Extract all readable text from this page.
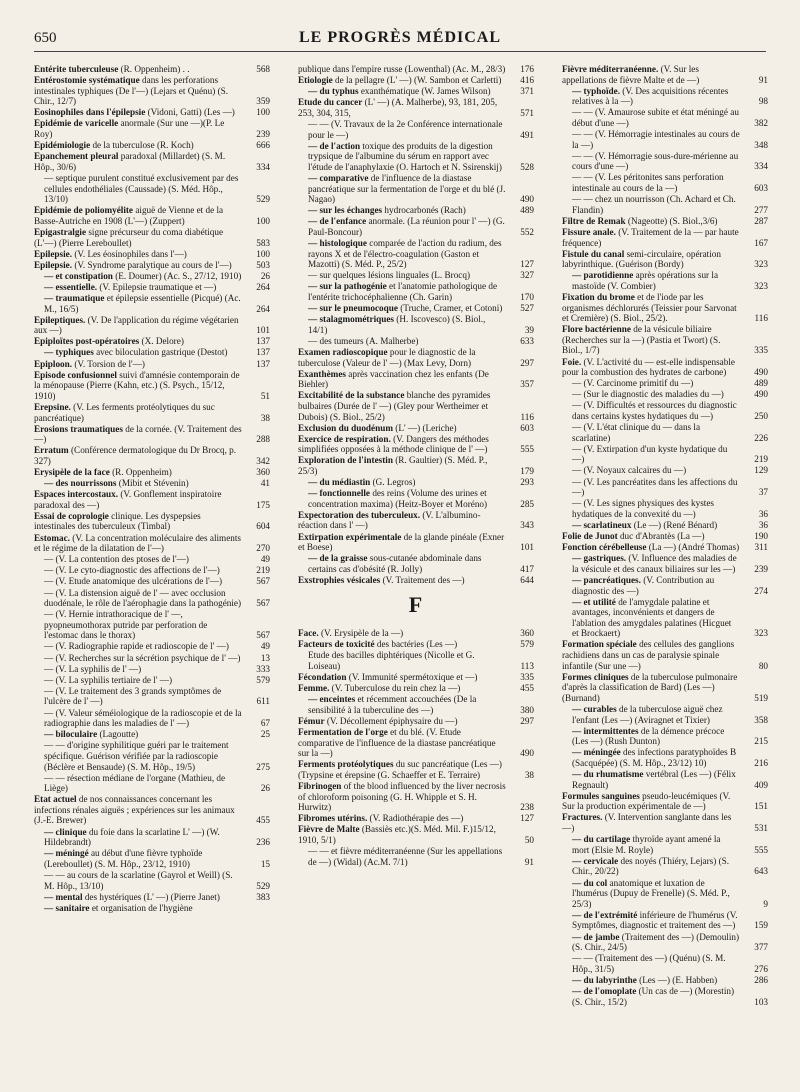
650	LE PROGRÈS MÉDICAL
Entérite tuberculeuse (R. Oppenheim) . .	568
Entérostomie systématique dans les perforations intestinales typhiques (De l'—) (Lejars et Quénu) (S. Chir., 12/7)	359
Eosinophiles dans l'épilepsie (Vidoni, Gatti) (Les —) 100
Epidémie de varicelle anormale (Sur une —)(P. Le Roy)	239
Epidémiologie de la tuberculose (R. Koch)	666
Epanchement pleural paradoxal (Millardet) (S. M. Hôp., 30/6)	334
— septique purulent constitué exclusivement par des cellules endothéliales (Caussade) (S. Méd. Hôp., 13/10)	529
Epidémie de poliomyélite aiguë de Vienne et de la Basse-Autriche en 1908 (L'—) (Zuppert)	100
Epigastralgie signe précurseur du coma diabétique (L'—) (Pierre Lereboullet)	583
Epilepsie. (V. Les éosinophiles dans l'—)	100
Epilepsie. (V. Syndrome paralytique au cours de l'—)	503
— et constipation (E. Doumer) (Ac. S., 27/12, 1910) 26
— essentielle. (V. Epilepsie traumatique et —)	264
— traumatique et épilepsie essentielle (Picqué) (Ac. M., 16/5)	264
Epileptiques. (V. De l'application du régime végétarien aux —)	101
Epiploïtes post-opératoires (X. Delore)	137
— typhiques avec biloculation gastrique (Destot)	137
Epiploon. (V. Torsion de l'—)	137
Episode confusionnel suivi d'amnésie contemporain de la ménopause (Pierre (Kahn, etc.) (S. Psych., 15/12, 1910)	51
Erepsine. (V. Les ferments protéolytiques du suc pancréatique)	38
Erosions traumatiques de la cornée. (V. Traitement des —)	288
Erratum (Conférence dermatologique du Dr Brocq, p. 327)	342
Erysipèle de la face (R. Oppenheim)	360
— des nourrissons (Mibit et Stévenin)	41
Espaces intercostaux. (V. Gonflement inspiratoire paradoxal des —)	175
Essai de coprologie clinique. Les dyspepsies intestinales des tuberculeux (Timbal)	604
Estomac. (V. La concentration moléculaire des aliments et le régime de la dilatation de l'—)	270
— (V. La contention des ptoses de l'—)	49
— (V. Le cyto-diagnostic des affections de l'—)	219
— (V. Etude anatomique des ulcérations de l'—)	567
— (V. La distension aiguë de l' — avec occlusion duodénale, le rôle de l'aérophagie dans la pathogénie) 567
— (V. Hernie intrathoracique de l' —, pyopneumothorax putride par perforation de l'estomac dans le thorax)	567
— (V. Radiographie rapide et radioscopie de l' —)	49
— (V. Recherches sur la sécrétion psychique de l' —) 13
— (V. La syphilis de l' —)	333
— (V. La syphilis tertiaire de l' —)	579
— (V. Le traitement des 3 grands symptômes de l'ulcère de l' —)	611
— (V. Valeur séméiologique de la radioscopie et de la radiographie dans les maladies de l' —)	67
— biloculaire (Lagoutte)	25
— — d'origine syphilitique guéri par le traitement spécifique. Guérison vérifiée par la radioscopie (Béclère et Bensaude) (S. M. Hôp., 19/5)	275
— — résection médiane de l'organe (Mathieu, de Liège)	26
Etat actuel de nos connaissances concernant les infections rénales aiguës ; expériences sur les animaux (J.-E. Brewer)	455
— clinique du foie dans la scarlatine L' —) (W. Hildebrandt)	236
— méningé au début d'une fièvre typhoïde (Lereboullet) (S. M. Hôp., 23/12, 1910)	15
— — au cours de la scarlatine (Gayrol et Weill) (S. M. Hôp., 13/10)	529
— mental des hystériques (L' —) (Pierre Janet)	383
— sanitaire et organisation de l'hygiène
publique dans l'empire russe (Lowenthal) (Ac. M., 28/3) 176
Etiologie de la pellagre (L' —) (W. Sambon et Carletti) 416
— du typhus exanthématique (W. James Wilson)	371
Etude du cancer (L' —) (A. Malherbe), 93, 181, 205, 253, 304, 315,	571
— — (V. Travaux de la 2e Conférence internationale pour le —)	491
— de l'action toxique des produits de la digestion trypsique de l'albumine du sérum en rapport avec l'étude de l'anaphylaxie (O. Hartoch et N. Ssirenskij) 528
— comparative de l'influence de la diastase pancréatique sur la fermentation de l'orge et du blé (J. Nagao)	490
— sur les échanges hydrocarbonés (Rach)	489
— de l'enfance anormale. (La réunion pour l' —) (G. Paul-Boncour)	552
— histologique comparée de l'action du radium, des rayons X et de l'électro-coagulation (Gaston et Mazotti) (S. Méd. P., 25/2)	127
— sur quelques lésions linguales (L. Brocq)	327
— sur la pathogénie et l'anatomie pathologique de l'entérite trichocéphalienne (Ch. Garin)	170
— sur le pneumocoque (Truche, Cramer, et Cotoni) 527
— stalagmométriques (H. Iscovesco) (S. Biol., 14/1)	39
— des tumeurs (A. Malherbe)	633
Examen radioscopique pour le diagnostic de la tuberculose (Valeur de l' —) (Max Levy, Dorn)	297
Exanthèmes après vaccination chez les enfants (De Biehler)	357
Excitabilité de la substance blanche des pyramides bulbaires (Durée de l' —) (Gley pour Wertheimer et Dubois) (S. Biol., 25/2)	116
Exclusion du duodénum (L' —) (Leriche)	603
Exercice de respiration. (V. Dangers des méthodes simplifiées opposées à la méthode clinique de l' —)	555
Exploration de l'intestin (R. Gaultier) (S. Méd. P., 25/3)	179
— du médiastin (G. Legros)	293
— fonctionnelle des reins (Volume des urines et concentration maxima) (Heitz-Boyer et Moréno)	285
Expectoration des tuberculeux. (V. L'albumino-réaction dans l' —)	343
Extirpation expérimentale de la glande pinéale (Exner et Boese)	101
— de la graisse sous-cutanée abdominale dans certains cas d'obésité (R. Jolly)	417
Exstrophies vésicales (V. Traitement des —)	644
F
Face. (V. Erysipèle de la —)	360
Facteurs de toxicité des bactéries (Les —)	579
Etude des bacilles diphtériques (Nicolle et G. Loiseau)	113
Fécondation (V. Immunité spermétoxique et —)	335
Femme. (V. Tuberculose du rein chez la —)	455
— enceintes et récemment accouchées (De la sensibilité à la tuberculine des —)	380
Fémur (V. Décollement épiphysaire du —)	297
Fermentation de l'orge et du blé. (V. Etude comparative de l'influence de la diastase pancréatique sur la —)	490
Ferments protéolytiques du suc pancréatique (Les —) (Trypsine et érepsine (G. Schaeffer et E. Terraire)	38
Fibrinogen of the blood influenced by the liver necrosis of chloroform poisoning (G. H. Whipple et S. H. Hurwitz)	238
Fibromes utérins. (V. Radiothérapie des —)	127
Fièvre de Malte (Bassiès etc.)(S. Méd. Mil. F.)15/12, 1910, 5/1)	50
— — et fièvre méditerranéenne (Sur les appellations de —) (Widal) (Ac.M. 7/1)	91
Fièvre méditerranéenne. (V. Sur les appellations de fièvre Malte et de —)	91
— typhoïde. (V. Des acquisitions récentes relatives à la —)	98
— — (V. Amaurose subite et état méningé au début d'une —)	382
— — (V. Hémorragie intestinales au cours de la —)	348
— — (V. Hémorragie sous-dure-mérienne au cours d'une —)	334
— — (V. Les péritonites sans perforation intestinale au cours de la —)	603
— — chez un nourrisson (Ch. Achard et Ch. Flandin)	277
Filtre de Remak (Nageotte) (S. Biol.,3/6)	287
Fissure anale. (V. Traitement de la — par haute fréquence)	167
Fistule du canal semi-circulaire, opération labyrinthique. (Guérison (Bordy)	323
— parotidienne après opérations sur la mastoïde (V. Combier)	323
Fixation du brome et de l'iode par les organismes déchlorurés (Teissier pour Sarvonat et Cremière) (S. Biol., 25/2).	116
Flore bactérienne de la vésicule biliaire (Recherches sur la —) (Pastia et Twort) (S. Biol., 1/7)	335
Foie. (V. L'activité du — est-elle indispensable pour la combustion des hydrates de carbone)	490
— (V. Carcinome primitif du —)	489
— (Sur le diagnostic des maladies du —)	490
— (V. Difficultés et ressources du diagnostic dans certains kystes hydatiques du —)	250
— (V. L'état clinique du — dans la scarlatine)	226
— (V. Extirpation d'un kyste hydatique du —)	219
— (V. Noyaux calcaires du —)	129
— (V. Les pancréatites dans les affections du —)	37
— (V. Les signes physiques des kystes hydatiques de la convexité du —)	36
— scarlatineux (Le —) (René Bénard)	36
Folie de Junot duc d'Abrantès (La —)	190
Fonction cérébelleuse (La —) (André Thomas) 311
— gastriques. (V. Influence des maladies de la vésicule et des canaux biliaires sur les —) 239
— pancréatiques. (V. Contribution au diagnostic des —)	274
— et utilité de l'amygdale palatine et avantages, inconvénients et dangers de l'ablation des amygdales palatines (Hicguet et Brockaert)	323
Formation spéciale des cellules des ganglions rachidiens dans un cas de paralysie spinale infantile (Sur une —)	80
Formes cliniques de la tuberculose pulmonaire d'après la classification de Bard) (Les —) (Burnand)	519
— curables de la tuberculose aiguë chez l'enfant (Les —) (Aviragnet et Tixier)	358
— intermittentes de la démence précoce (Les —) (Rush Dunton)	215
— méningée des infections paratyphoïdes B (Sacquépée) (S. M. Hôp., 23/12) 10)	216
— du rhumatisme vertébral (Les —) (Félix Regnault)	409
Formules sanguines pseudo-leucémiques (V. Sur la production expérimentale de —)	151
Fractures. (V. Intervention sanglante dans les —)	531
— du cartilage thyroïde ayant amené la mort (Elsie M. Royle)	555
— cervicale des noyés (Thiéry, Lejars) (S. Chir., 20/22)	643
— du col anatomique et luxation de l'humérus (Dupuy de Frenelle) (S. Méd. P., 25/3)	9
— de l'extrémité inférieure de l'humérus (V. Symptômes, diagnostic et traitement des —) 159
— de jambe (Traitement des —) (Demoulin) (S. Chir., 24/5)	377
— — (Traitement des —) (Quénu) (S. M. Hôp., 31/5)	276
— du labyrinthe (Les —) (E. Habben)	286
— de l'omoplate (Un cas de —) (Morestin) (S. Chir., 15/2)	103
